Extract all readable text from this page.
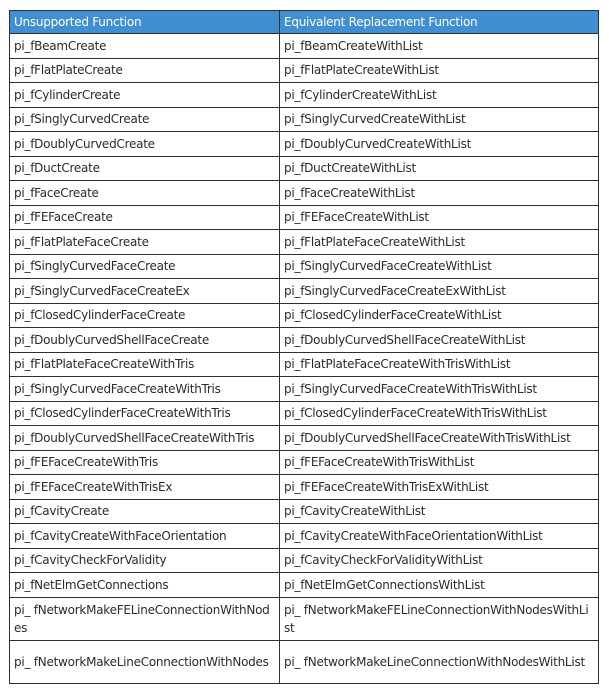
Unsupported Function	Equivalent Replacement Function
pi_fBeamCreate	pi_fBeamCreateWithList
pi_fFlatPlateCreate	pi_fFlatPlateCreateWithList
pi_fCylinderCreate	pi_fCylinderCreateWithList
pi_fSinglyCurvedCreate	pi_fSinglyCurvedCreateWithList
pi_fDoublyCurvedCreate	pi_fDoublyCurvedCreateWithList
pi_fDuctCreate	pi_fDuctCreateWithList
pi_fFaceCreate	pi_fFaceCreateWithList
pi_fFEFaceCreate	pi_fFEFaceCreateWithList
pi_fFlatPlateFaceCreate	pi_fFlatPlateFaceCreateWithList
pi_fSinglyCurvedFaceCreate	pi_fSinglyCurvedFaceCreateWithList
pi_fSinglyCurvedFaceCreateEx	pi_fSinglyCurvedFaceCreateExWithList
pi_fClosedCylinderFaceCreate	pi_fClosedCylinderFaceCreateWithList
pi_fDoublyCurvedShellFaceCreate	pi_fDoublyCurvedShellFaceCreateWithList
pi_fFlatPlateFaceCreateWithTris	pi_fFlatPlateFaceCreateWithTrisWithList
pi_fSinglyCurvedFaceCreateWithTris	pi_fSinglyCurvedFaceCreateWithTrisWithList
pi_fClosedCylinderFaceCreateWithTris	pi_fClosedCylinderFaceCreateWithTrisWithList
pi_fDoublyCurvedShellFaceCreateWithTris	pi_fDoublyCurvedShellFaceCreateWithTrisWithList
pi_fFEFaceCreateWithTris	pi_fFEFaceCreateWithTrisWithList
pi_fFEFaceCreateWithTrisEx	pi_fFEFaceCreateWithTrisExWithList
pi_fCavityCreate	pi_fCavityCreateWithList
pi_fCavityCreateWithFaceOrientation	pi_fCavityCreateWithFaceOrientationWithList
pi_fCavityCheckForValidity	pi_fCavityCheckForValidityWithList
pi_fNetElmGetConnections	pi_fNetElmGetConnectionsWithList
pi_ fNetworkMakeFELineConnectionWithNodes	pi_ fNetworkMakeFELineConnectionWithNodesWithList
pi_ fNetworkMakeLineConnectionWithNodes	pi_ fNetworkMakeLineConnectionWithNodesWithList
